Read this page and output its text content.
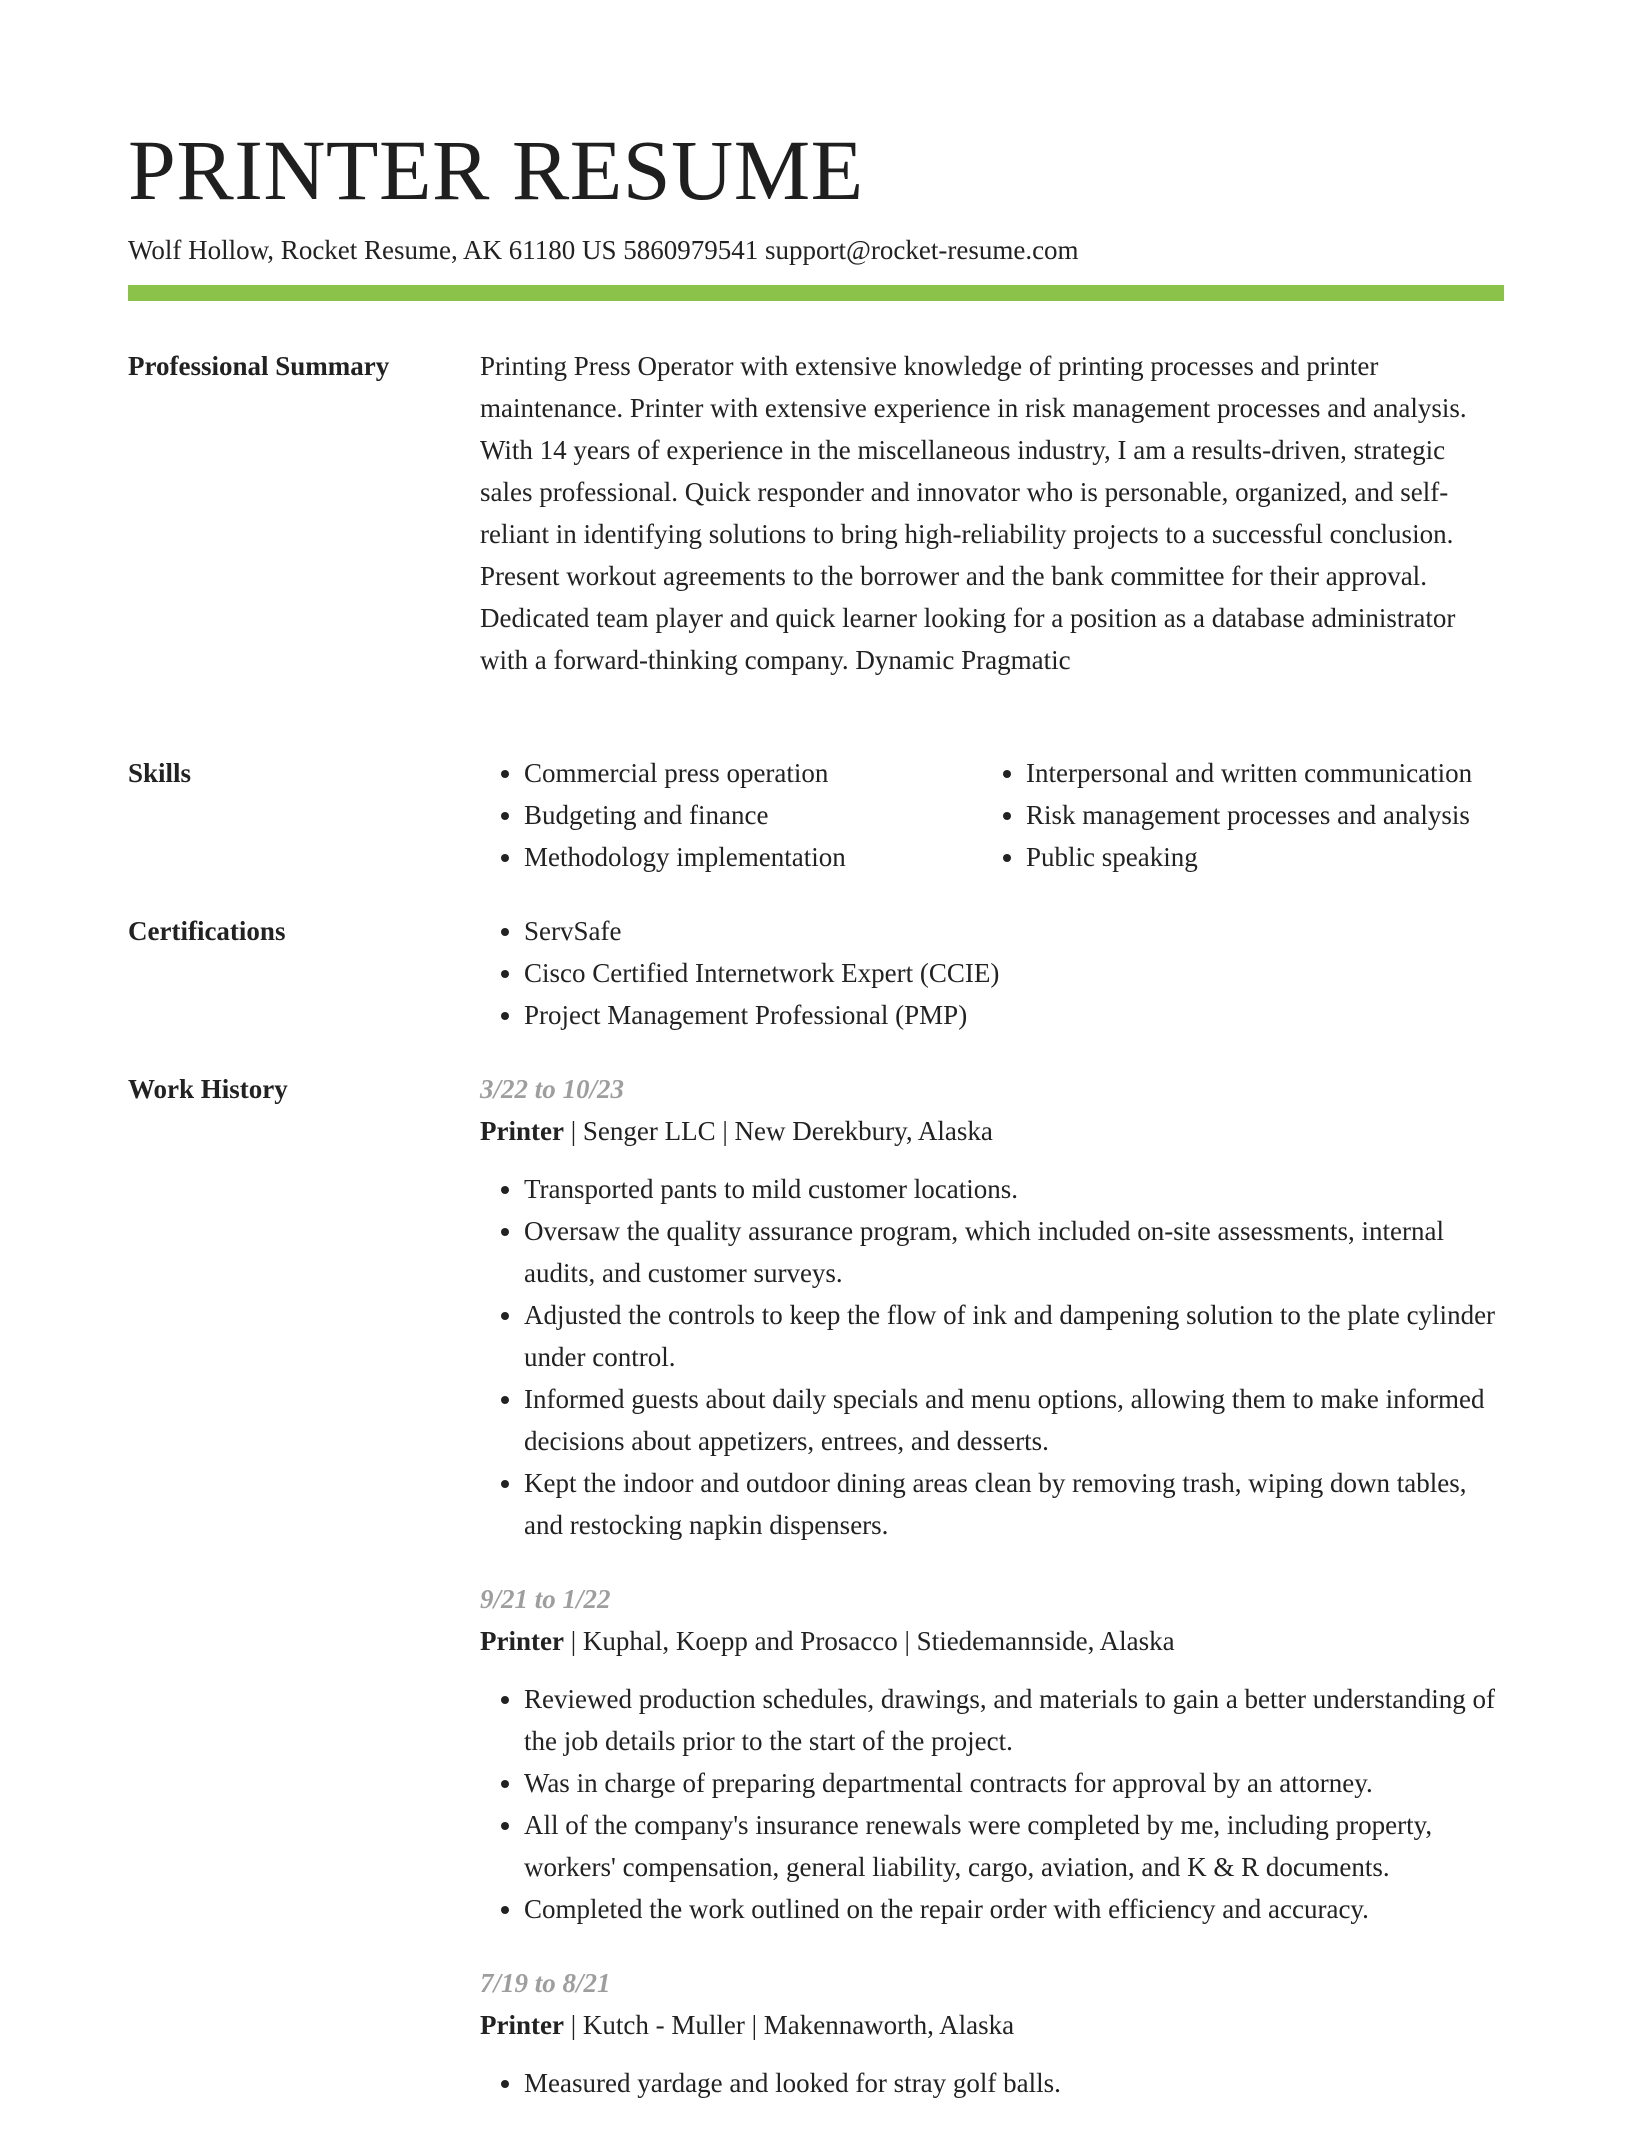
PRINTER RESUME
Wolf Hollow, Rocket Resume, AK 61180 US 5860979541 support@rocket-resume.com
Professional Summary	Printing Press Operator with extensive knowledge of printing processes and printer maintenance. Printer with extensive experience in risk management processes and analysis. With 14 years of experience in the miscellaneous industry, I am a results-driven, strategic sales professional. Quick responder and innovator who is personable, organized, and self-reliant in identifying solutions to bring high-reliability projects to a successful conclusion. Present workout agreements to the borrower and the bank committee for their approval. Dedicated team player and quick learner looking for a position as a database administrator with a forward-thinking company. Dynamic Pragmatic

Skills	• Commercial press operation
• Budgeting and finance
• Methodology implementation
• Interpersonal and written communication
• Risk management processes and analysis
• Public speaking
Certifications	• ServSafe
• Cisco Certified Internetwork Expert (CCIE)
• Project Management Professional (PMP)
Work History	3/22 to 10/23
Printer | Senger LLC | New Derekbury, Alaska
• Transported pants to mild customer locations.
• Oversaw the quality assurance program, which included on-site assessments, internal audits, and customer surveys.
• Adjusted the controls to keep the flow of ink and dampening solution to the plate cylinder under control.
• Informed guests about daily specials and menu options, allowing them to make informed decisions about appetizers, entrees, and desserts.
• Kept the indoor and outdoor dining areas clean by removing trash, wiping down tables, and restocking napkin dispensers.
9/21 to 1/22
Printer | Kuphal, Koepp and Prosacco | Stiedemannside, Alaska
• Reviewed production schedules, drawings, and materials to gain a better understanding of the job details prior to the start of the project.
• Was in charge of preparing departmental contracts for approval by an attorney.
• All of the company's insurance renewals were completed by me, including property, workers' compensation, general liability, cargo, aviation, and K & R documents.
• Completed the work outlined on the repair order with efficiency and accuracy.
7/19 to 8/21
Printer | Kutch - Muller | Makennaworth, Alaska
• Measured yardage and looked for stray golf balls.
